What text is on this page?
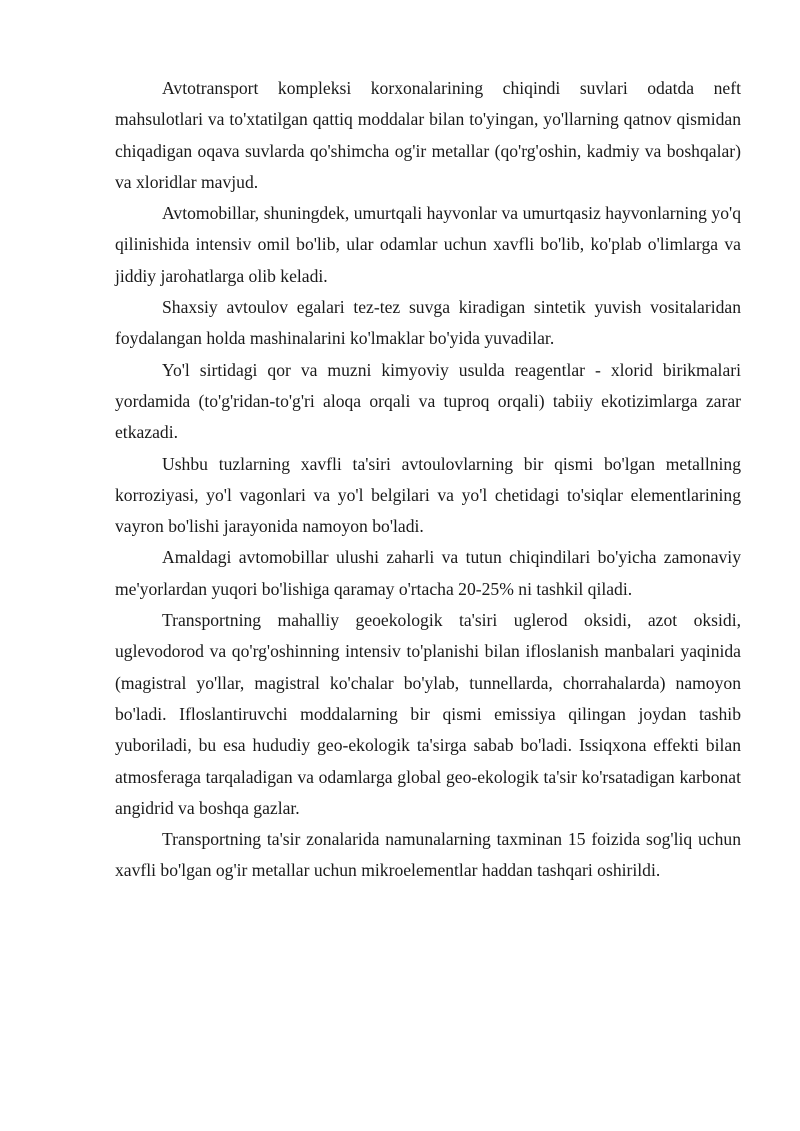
Avtotransport kompleksi korxonalarining chiqindi suvlari odatda neft mahsulotlari va to'xtatilgan qattiq moddalar bilan to'yingan, yo'llarning qatnov qismidan chiqadigan oqava suvlarda qo'shimcha og'ir metallar (qo'rg'oshin, kadmiy va boshqalar) va xloridlar mavjud.

Avtomobillar, shuningdek, umurtqali hayvonlar va umurtqasiz hayvonlarning yo'q qilinishida intensiv omil bo'lib, ular odamlar uchun xavfli bo'lib, ko'plab o'limlarga va jiddiy jarohatlarga olib keladi.

Shaxsiy avtoulov egalari tez-tez suvga kiradigan sintetik yuvish vositalaridan foydalangan holda mashinalarini ko'lmaklar bo'yida yuvadilar.

Yo'l sirtidagi qor va muzni kimyoviy usulda reagentlar - xlorid birikmalari yordamida (to'g'ridan-to'g'ri aloqa orqali va tuproq orqali) tabiiy ekotizimlarga zarar etkazadi.

Ushbu tuzlarning xavfli ta'siri avtoulovlarning bir qismi bo'lgan metallning korroziyasi, yo'l vagonlari va yo'l belgilari va yo'l chetidagi to'siqlar elementlarining vayron bo'lishi jarayonida namoyon bo'ladi.

Amaldagi avtomobillar ulushi zaharli va tutun chiqindilari bo'yicha zamonaviy me'yorlardan yuqori bo'lishiga qaramay o'rtacha 20-25% ni tashkil qiladi.

Transportning mahalliy geoekologik ta'siri uglerod oksidi, azot oksidi, uglevodorod va qo'rg'oshinning intensiv to'planishi bilan ifloslanish manbalari yaqinida (magistral yo'llar, magistral ko'chalar bo'ylab, tunnellarda, chorrahalarda) namoyon bo'ladi. Ifloslantiruvchi moddalarning bir qismi emissiya qilingan joydan tashib yuboriladi, bu esa hududiy geo-ekologik ta'sirga sabab bo'ladi. Issiqxona effekti bilan atmosferaga tarqaladigan va odamlarga global geo-ekologik ta'sir ko'rsatadigan karbonat angidrid va boshqa gazlar.

Transportning ta'sir zonalarida namunalarning taxminan 15 foizida sog'liq uchun xavfli bo'lgan og'ir metallar uchun mikroelementlar haddan tashqari oshirildi.
